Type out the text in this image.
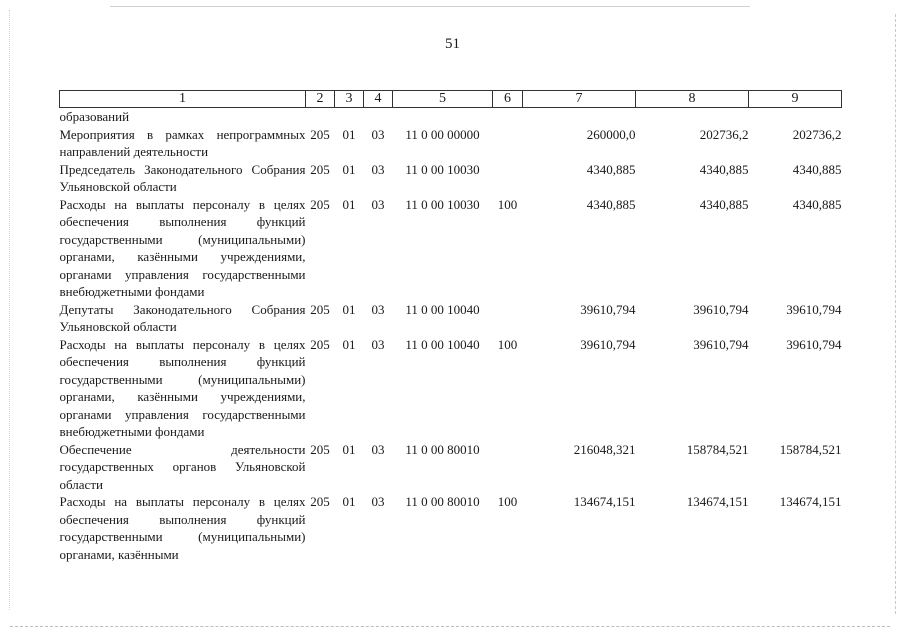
51
1	2	3	4	5	6	7	8	9
образований								
Мероприятия в рамках непрограммных направлений деятельности	205	01	03	11 0 00 00000		260000,0	202736,2	202736,2
Председатель Законодательного Собрания Ульяновской области	205	01	03	11 0 00 10030		4340,885	4340,885	4340,885
Расходы на выплаты персоналу в целях обеспечения выполнения функций государственными (муниципальными) органами, казёнными учреждениями, органами управления государственными внебюджетными фондами	205	01	03	11 0 00 10030	100	4340,885	4340,885	4340,885
Депутаты Законодательного Собрания Ульяновской области	205	01	03	11 0 00 10040		39610,794	39610,794	39610,794
Расходы на выплаты персоналу в целях обеспечения выполнения функций государственными (муниципальными) органами, казёнными учреждениями, органами управления государственными внебюджетными фондами	205	01	03	11 0 00 10040	100	39610,794	39610,794	39610,794
Обеспечение деятельности государственных органов Ульяновской области	205	01	03	11 0 00 80010		216048,321	158784,521	158784,521
Расходы на выплаты персоналу в целях обеспечения выполнения функций государственными (муниципальными) органами, казёнными	205	01	03	11 0 00 80010	100	134674,151	134674,151	134674,151
